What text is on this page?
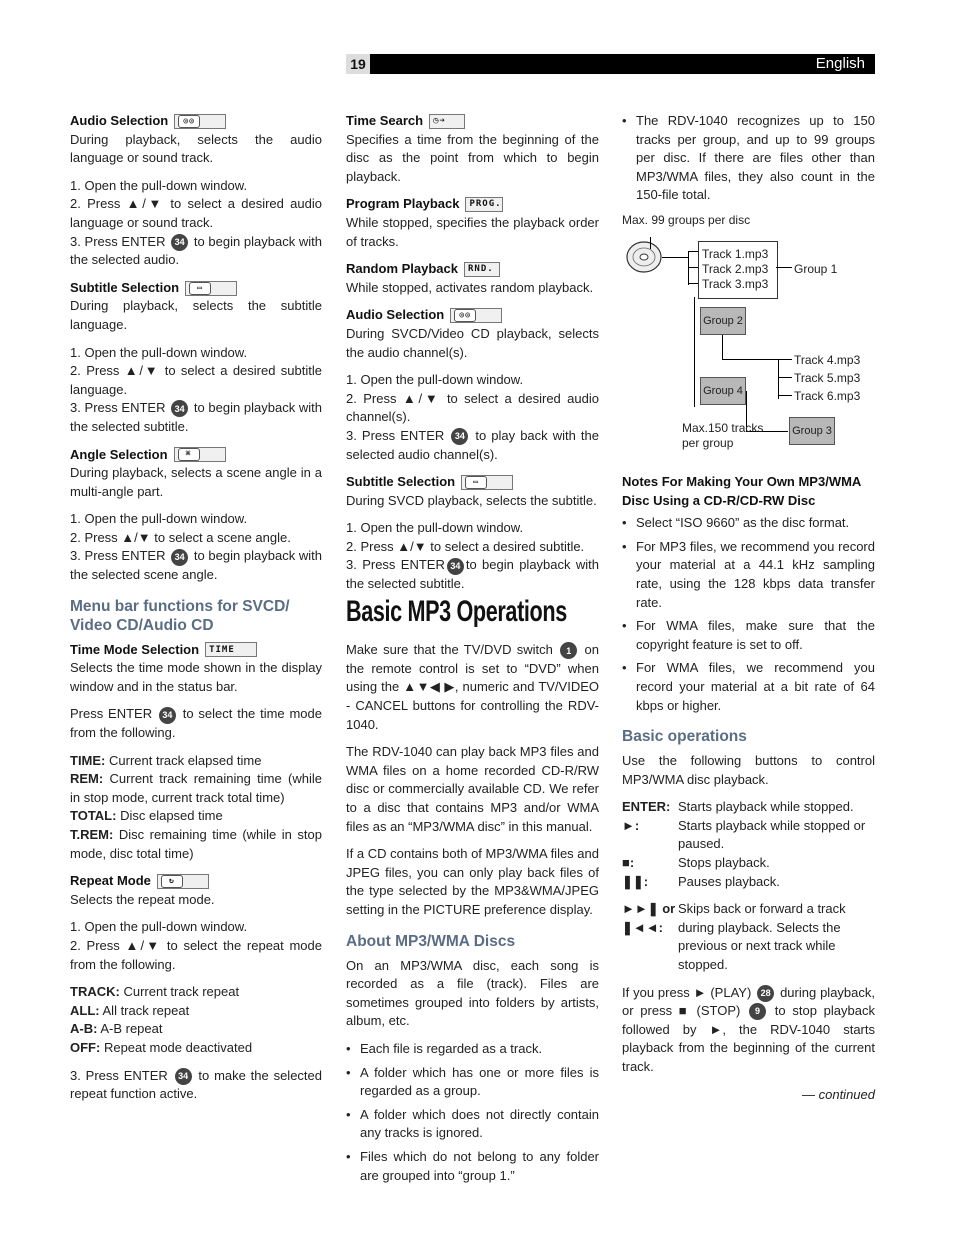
English
19
Audio Selection	◎◎

During playback, selects the audio language or sound track.

1. Open the pull-down window.

2. Press ▲/▼ to select a desired audio language or sound track.

3. Press ENTER 34 to begin playback with the selected audio.

Subtitle Selection	▭

During playback, selects the subtitle language.

1. Open the pull-down window.

2. Press ▲/▼ to select a desired subtitle language.

3. Press ENTER 34 to begin playback with the selected subtitle.

Angle Selection	⌘

During playback, selects a scene angle in a multi-angle part.

1. Open the pull-down window.

2. Press ▲/▼ to select a scene angle.

3. Press ENTER 34 to begin playback with the selected scene angle.

Menu bar functions for SVCD/ Video CD/Audio CD
Time Mode Selection	TIME

Selects the time mode shown in the display window and in the status bar.

Press ENTER 34 to select the time mode from the following.

TIME: Current track elapsed time

REM: Current track remaining time (while in stop mode, current track total time)

TOTAL: Disc elapsed time

T.REM: Disc remaining time (while in stop mode, disc total time)

Repeat Mode	↻

Selects the repeat mode.

1. Open the pull-down window.

2. Press ▲/▼ to select the repeat mode from the following.

TRACK: Current track repeat

ALL: All track repeat

A-B: A-B repeat

OFF: Repeat mode deactivated

3. Press ENTER 34 to make the selected repeat function active.

Time Search	◷➔

Specifies a time from the beginning of the disc as the point from which to begin playback.

Program Playback	PROG.

While stopped, specifies the playback order of tracks.

Random Playback	RND.

While stopped, activates random playback.

Audio Selection	◎◎

During SVCD/Video CD playback, selects the audio channel(s).

1. Open the pull-down window.

2. Press ▲/▼ to select a desired audio channel(s).

3. Press ENTER 34 to play back with the selected audio channel(s).

Subtitle Selection	▭

During SVCD playback, selects the subtitle.

1. Open the pull-down window.

2. Press ▲/▼ to select a desired subtitle.

3. Press ENTER 34 to begin playback with the selected subtitle.

Basic MP3 Operations

Make sure that the TV/DVD switch 1 on the remote control is set to “DVD” when using the ▲▼◀ ▶, numeric and TV/VIDEO - CANCEL buttons for controlling the RDV-1040.

The RDV-1040 can play back MP3 files and WMA files on a home recorded CD-R/RW disc or commercially available CD. We refer to a disc that contains MP3 and/or WMA files as an “MP3/WMA disc” in this manual.

If a CD contains both of MP3/WMA files and JPEG files, you can only play back files of the type selected by the MP3&WMA/JPEG setting in the PICTURE preference display.

About MP3/WMA Discs

On an MP3/WMA disc, each song is recorded as a file (track). Files are sometimes grouped into folders by artists, album, etc.

• Each file is regarded as a track.

• A folder which has one or more files is regarded as a group.

• A folder which does not directly contain any tracks is ignored.

• Files which do not belong to any folder are grouped into “group 1.”

• The RDV-1040 recognizes up to 150 tracks per group, and up to 99 groups per disc. If there are files other than MP3/WMA files, they also count in the 150-file total.

Max. 99 groups per disc
Track 1.mp3
Track 2.mp3
Track 3.mp3
Group 1
Group 2
Track 4.mp3
Track 5.mp3
Track 6.mp3
Group 4
Group 3
Max.150 tracks per group
Notes For Making Your Own MP3/WMA Disc Using a CD-R/CD-RW Disc

• Select “ISO 9660” as the disc format.

• For MP3 files, we recommend you record your material at a 44.1 kHz sampling rate, using the 128 kbps data transfer rate.

• For WMA files, make sure that the copyright feature is set to off.

• For WMA files, we recommend you record your material at a bit rate of 64 kbps or higher.

Basic operations

Use the following buttons to control MP3/WMA disc playback.

ENTER: Starts playback while stopped.
►:	Starts playback while stopped or paused.
■:	Stops playback.
❚❚:	Pauses playback.
►►❚ or ❚◄◄:
Skips back or forward a track during playback. Selects the previous or next track while stopped.

If you press ► (PLAY) 28 during playback, or press ■ (STOP) 9 to stop playback followed by ►, the RDV-1040 starts playback from the beginning of the current track.

— continued
